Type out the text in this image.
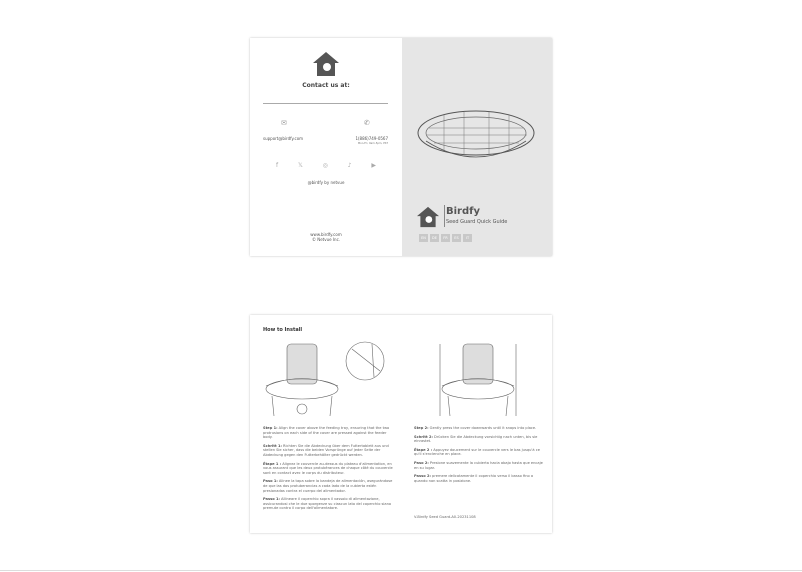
Contact us at:
✉	✆
support@birdfy.com	1(886)749-0567
Mon-Fri, 9am-5pm, PST
f	𝕏	◎	♪	▶
@birdfy by netvue
www.birdfy.com
© Netvue Inc.
Birdfy
Seed Guard Quick Guide
EN	DE	FR	ES	IT
How to Install

Step 1: Align the cover above the feeding tray, ensuring that the two protrusions on each side of the cover are pressed against the feeder body.

Schritt 1: Richten Sie die Abdeckung über dem Futtertablett aus und stellen Sie sicher, dass die beiden Vorsprünge auf jeder Seite der Abdeckung gegen den Futterbehälter gedrückt werden.

Étape 1 : Alignez le couvercle au-dessus du plateau d'alimentation, en vous assurant que les deux protubérances de chaque côté du couvercle sont en contact avec le corps du distributeur.

Paso 1: Alinee la tapa sobre la bandeja de alimentación, asegurándose de que las dos protuberancias a cada lado de la cubierta estén presionadas contra el cuerpo del alimentador.

Passo 1: Allineare il coperchio sopra il vassoio di alimentazione, assicurandosi che le due sporgenze su ciascun lato del coperchio siano premute contro il corpo dell'alimentatore.

Step 2: Gently press the cover downwards until it snaps into place.

Schritt 2: Drücken Sie die Abdeckung vorsichtig nach unten, bis sie einrastet.

Étape 2 : Appuyez doucement sur le couvercle vers le bas jusqu'à ce qu'il s'enclenche en place.

Paso 2: Presione suavemente la cubierta hacia abajo hasta que encaje en su lugar.

Passo 2: premere delicatamente il coperchio verso il basso fino a quando non scatta in posizione.

V-Birdfy Seed Guard-A0-20231108
